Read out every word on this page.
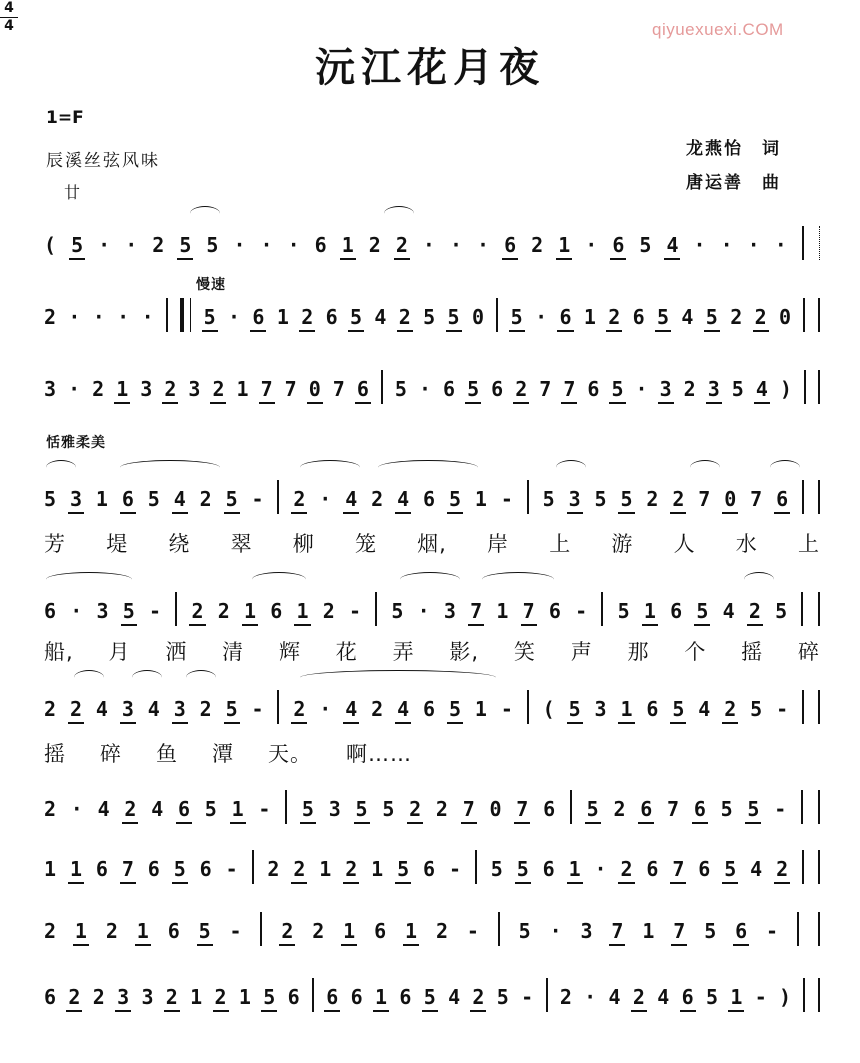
qiyuexuexi.COM
沅江花月夜
1=F
4
4
辰溪丝弦风味
龙燕怡　词
唐运善　曲
廿
慢速
恬雅柔美
( 5 · · 2 5 5 · · · 6 1 2 2 · · · 6 2 1 · 6 5 4 · · · ·
2 · · · ·	5 · 6 1 2 6 5 4 2 5 5 0 5 · 6 1 2 6 5 4 5 2 2 0
3 · 2 1 3 2 3 2 1 7 7 0 7 6 5 · 6 5 6 2 7 7 6 5 · 3 2 3 5 4 )
5 3 1 6 5 4 2 5 - 2 · 4 2 4 6 5 1 - 5 3 5 5 2 2 7 0 7 6
6 · 3 5 - 2 2 1 6 1 2 - 5 · 3 7 1 7 6 - 5 1 6 5 4 2 5
2 2 4 3 4 3 2 5 - 2 · 4 2 4 6 5 1 - ( 5 3 1 6 5 4 2 5 -
2 · 4 2 4 6 5 1 - 5 3 5 5 2 2 7 0 7 6 5 2 6 7 6 5 5 -
1 1 6 7 6 5 6 - 2 2 1 2 1 5 6 - 5 5 6 1 · 2 6 7 6 5 4 2
2 1 2 1 6 5 - 2 2 1 6 1 2 - 5 · 3 7 1 7 5 6 -
6 2 2 3 3 2 1 2 1 5 6 6 6 1 6 5 4 2 5 - 2 · 4 2 4 6 5 1 - )
芳 堤 绕 翠 柳 笼 烟, 岸 上 游 人 水 上
船, 月 洒 清 辉 花 弄 影, 笑 声 那 个 摇 碎
摇 碎 鱼 潭 天。 啊……
